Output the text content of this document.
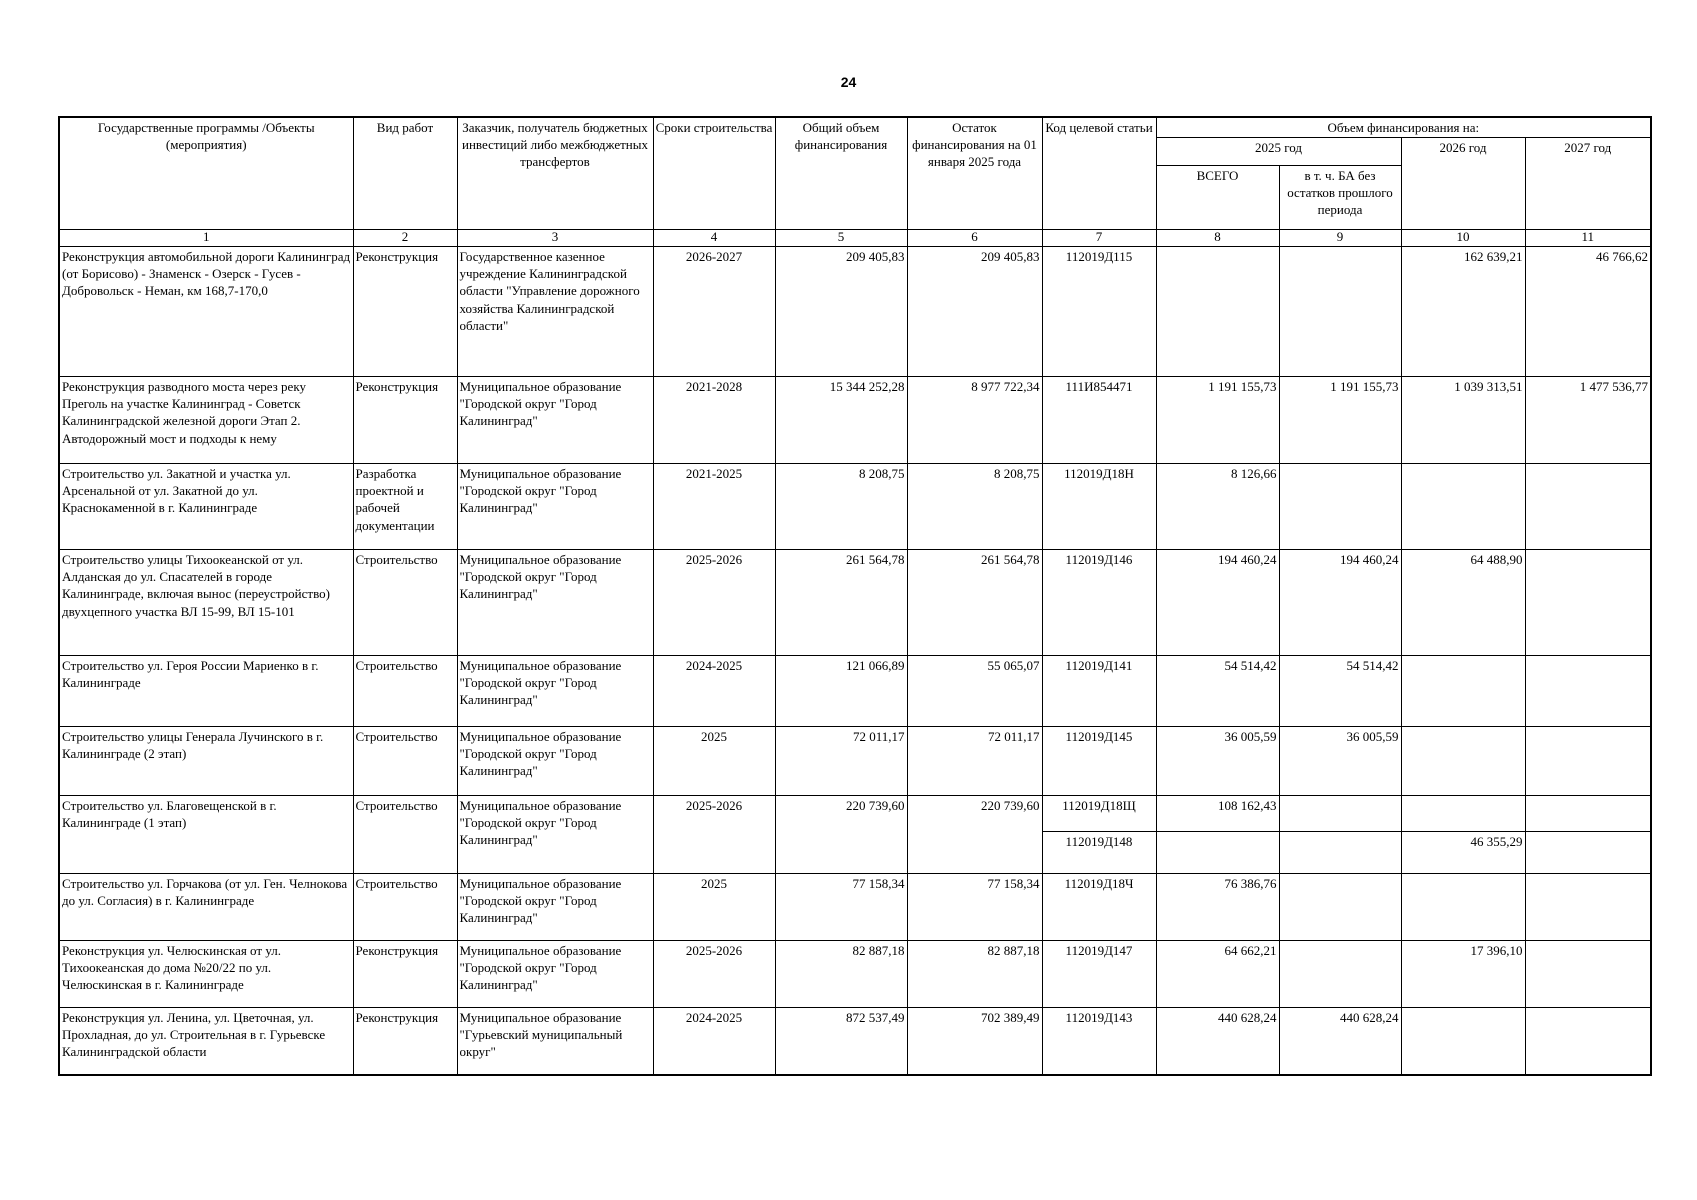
24
Государственные программы /Объекты (мероприятия)	Вид работ	Заказчик, получатель бюджетных инвестиций либо межбюджетных трансфертов	Сроки строительства	Общий объем финансирования	Остаток финансирования на 01 января 2025 года	Код целевой статьи	Объем финансирования на:			
							2025 год		2026 год	2027 год
							ВСЕГО	в т. ч. БА без остатков прошлого периода		
1	2	3	4	5	6	7	8	9	10	11
Реконструкция автомобильной дороги Калининград (от Борисово) - Знаменск - Озерск - Гусев - Добровольск - Неман, км 168,7-170,0	Реконструкция	Государственное казенное учреждение Калининградской области "Управление дорожного хозяйства Калининградской области"	2026-2027	209 405,83	209 405,83	112019Д115			162 639,21	46 766,62
Реконструкция разводного моста через реку Преголь на участке Калининград - Советск Калининградской железной дороги Этап 2. Автодорожный мост и подходы к нему	Реконструкция	Муниципальное образование "Городской округ "Город Калининград"	2021-2028	15 344 252,28	8 977 722,34	111И854471	1 191 155,73	1 191 155,73	1 039 313,51	1 477 536,77
Строительство ул. Закатной и участка ул. Арсенальной от ул. Закатной до ул. Краснокаменной в г. Калининграде	Разработка проектной и рабочей документации	Муниципальное образование "Городской округ "Город Калининград"	2021-2025	8 208,75	8 208,75	112019Д18Н	8 126,66			
Строительство улицы Тихоокеанской от ул. Алданская до ул. Спасателей в городе Калининграде, включая вынос (переустройство) двухцепного участка ВЛ 15-99, ВЛ 15-101	Строительство	Муниципальное образование "Городской округ "Город Калининград"	2025-2026	261 564,78	261 564,78	112019Д146	194 460,24	194 460,24	64 488,90	
Строительство ул. Героя России Мариенко в г. Калининграде	Строительство	Муниципальное образование "Городской округ "Город Калининград"	2024-2025	121 066,89	55 065,07	112019Д141	54 514,42	54 514,42		
Строительство улицы Генерала Лучинского в г. Калининграде (2 этап)	Строительство	Муниципальное образование "Городской округ "Город Калининград"	2025	72 011,17	72 011,17	112019Д145	36 005,59	36 005,59		
Строительство ул. Благовещенской в г. Калининграде (1 этап)	Строительство	Муниципальное образование "Городской округ "Город Калининград"	2025-2026	220 739,60	220 739,60	112019Д18Щ	108 162,43			
						112019Д148			46 355,29	
Строительство ул. Горчакова (от ул. Ген. Челнокова до ул. Согласия) в г. Калининграде	Строительство	Муниципальное образование "Городской округ "Город Калининград"	2025	77 158,34	77 158,34	112019Д18Ч	76 386,76			
Реконструкция ул. Челюскинская от ул. Тихоокеанская до дома №20/22 по ул. Челюскинская в г. Калининграде	Реконструкция	Муниципальное образование "Городской округ "Город Калининград"	2025-2026	82 887,18	82 887,18	112019Д147	64 662,21		17 396,10	
Реконструкция ул. Ленина, ул. Цветочная, ул. Прохладная, до ул. Строительная в г. Гурьевске Калининградской области	Реконструкция	Муниципальное образование "Гурьевский муниципальный округ"	2024-2025	872 537,49	702 389,49	112019Д143	440 628,24	440 628,24		
